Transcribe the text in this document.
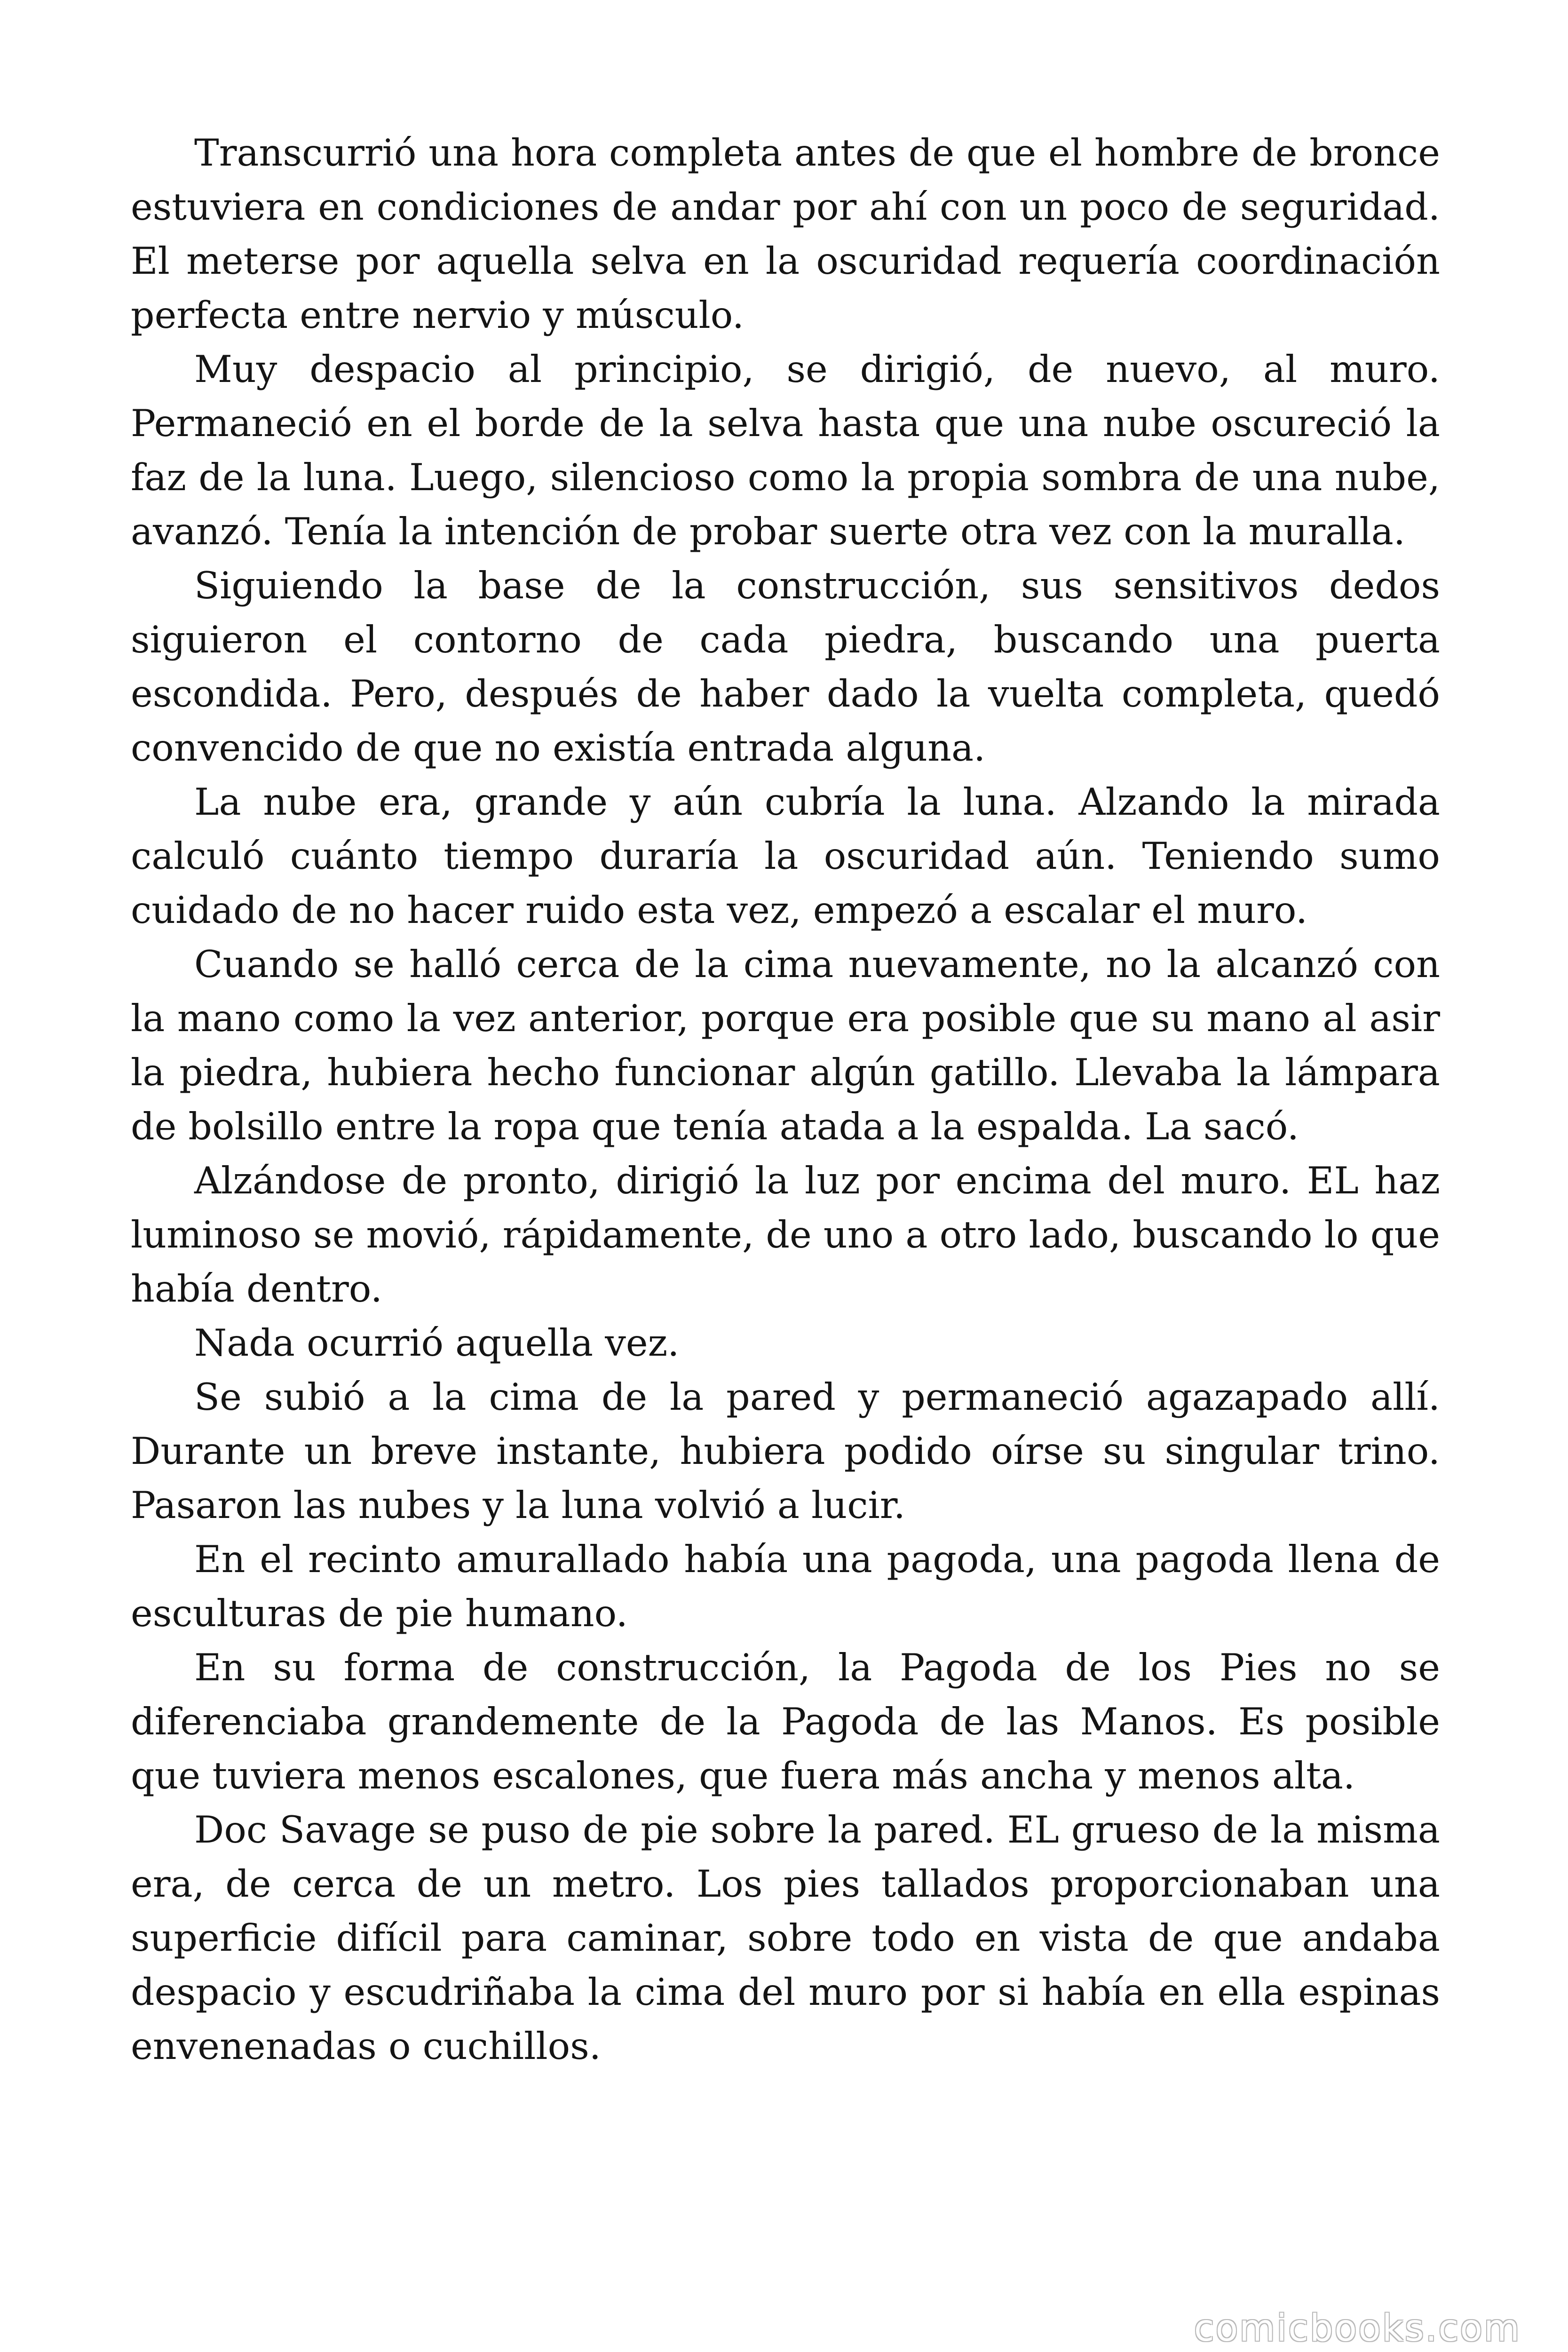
Transcurrió una hora completa antes de que el hombre de bronce estuviera en condiciones de andar por ahí con un poco de seguridad. El meterse por aquella selva en la oscuridad requería coordinación perfecta entre nervio y músculo.

Muy despacio al principio, se dirigió, de nuevo, al muro. Permaneció en el borde de la selva hasta que una nube oscureció la faz de la luna. Luego, silencioso como la propia sombra de una nube, avanzó. Tenía la intención de probar suerte otra vez con la muralla.

Siguiendo la base de la construcción, sus sensitivos dedos siguieron el contorno de cada piedra, buscando una puerta escondida. Pero, después de haber dado la vuelta completa, quedó convencido de que no existía entrada alguna.

La nube era, grande y aún cubría la luna. Alzando la mirada calculó cuánto tiempo duraría la oscuridad aún. Teniendo sumo cuidado de no hacer ruido esta vez, empezó a escalar el muro.

Cuando se halló cerca de la cima nuevamente, no la alcanzó con la mano como la vez anterior, porque era posible que su mano al asir la piedra, hubiera hecho funcionar algún gatillo. Llevaba la lámpara de bolsillo entre la ropa que tenía atada a la espalda. La sacó.

Alzándose de pronto, dirigió la luz por encima del muro. EL haz luminoso se movió, rápidamente, de uno a otro lado, buscando lo que había dentro.

Nada ocurrió aquella vez.

Se subió a la cima de la pared y permaneció agazapado allí. Durante un breve instante, hubiera podido oírse su singular trino. Pasaron las nubes y la luna volvió a lucir.

En el recinto amurallado había una pagoda, una pagoda llena de esculturas de pie humano.

En su forma de construcción, la Pagoda de los Pies no se diferenciaba grandemente de la Pagoda de las Manos. Es posible que tuviera menos escalones, que fuera más ancha y menos alta.

Doc Savage se puso de pie sobre la pared. EL grueso de la misma era, de cerca de un metro. Los pies tallados proporcionaban una superficie difícil para caminar, sobre todo en vista de que andaba despacio y escudriñaba la cima del muro por si había en ella espinas envenenadas o cuchillos.

comicbooks.com
